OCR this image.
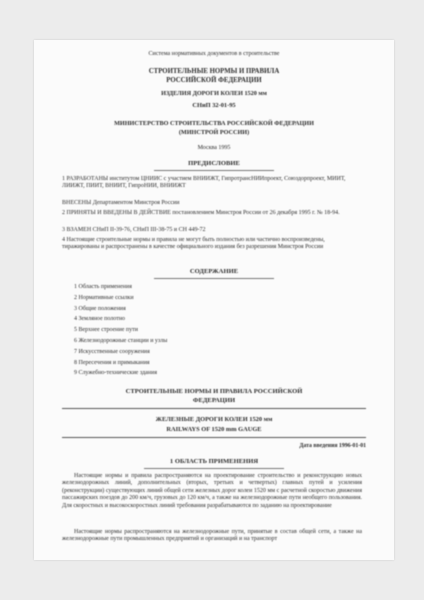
Система нормативных документов в строительстве
СТРОИТЕЛЬНЫЕ НОРМЫ И ПРАВИЛА
РОССИЙСКОЙ ФЕДЕРАЦИИ
ИЗДЕЛИЯ ДОРОГИ КОЛЕИ 1520 мм
СНиП 32-01-95
МИНИСТЕРСТВО СТРОИТЕЛЬСТВА РОССИЙСКОЙ ФЕДЕРАЦИИ
(МИНСТРОЙ РОССИИ)
Москва 1995
ПРЕДИСЛОВИЕ
1 РАЗРАБОТАНЫ институтом ЦНИИС с участием ВНИИЖТ, ГипротрансНИИпроект, Союздорпроект, МИИТ, ЛИИЖТ, ПИИТ, ВНИИТ, ГипроНИИ, ВНИИЖТ
ВНЕСЕНЫ Департаментом Минстроя России
2 ПРИНЯТЫ И ВВЕДЕНЫ В ДЕЙСТВИЕ постановлением Минстроя России от 26 декабря 1995 г. № 18-94.
3 ВЗАМЕН СНиП II-39-76, СНиП III-38-75 и СН 449-72
4 Настоящие строительные нормы и правила не могут быть полностью или частично воспроизведены, тиражированы и распространены в качестве официального издания без разрешения Минстроя России
СОДЕРЖАНИЕ
1 Область применения
2 Нормативные ссылки
3 Общие положения
4 Земляное полотно
5 Верхнее строение пути
6 Железнодорожные станции и узлы
7 Искусственные сооружения
8 Пересечения и примыкания
9 Служебно-технические здания
СТРОИТЕЛЬНЫЕ НОРМЫ И ПРАВИЛА РОССИЙСКОЙ
ФЕДЕРАЦИИ
ЖЕЛЕЗНЫЕ ДОРОГИ КОЛЕИ 1520 мм
RAILWAYS OF 1520 mm GAUGE
Дата введения 1996-01-01
1 ОБЛАСТЬ ПРИМЕНЕНИЯ
Настоящие нормы и правила распространяются на проектирование строительство и реконструкцию новых железнодорожных линий, дополнительных (вторых, третьих и четвертых) главных путей и усиления (реконструкции) существующих линий общей сети железных дорог колеи 1520 мм с расчетной скоростью движения пассажирских поездов до 200 км/ч, грузовых до 120 км/ч, а также на железнодорожные пути необщего пользования. Для скоростных и высокоскоростных линий требования разрабатываются по заданию на проектирование
Настоящие нормы распространяются на железнодорожные пути, принятые в состав общей сети, а также на железнодорожные пути промышленных предприятий и организаций и на транспорт
